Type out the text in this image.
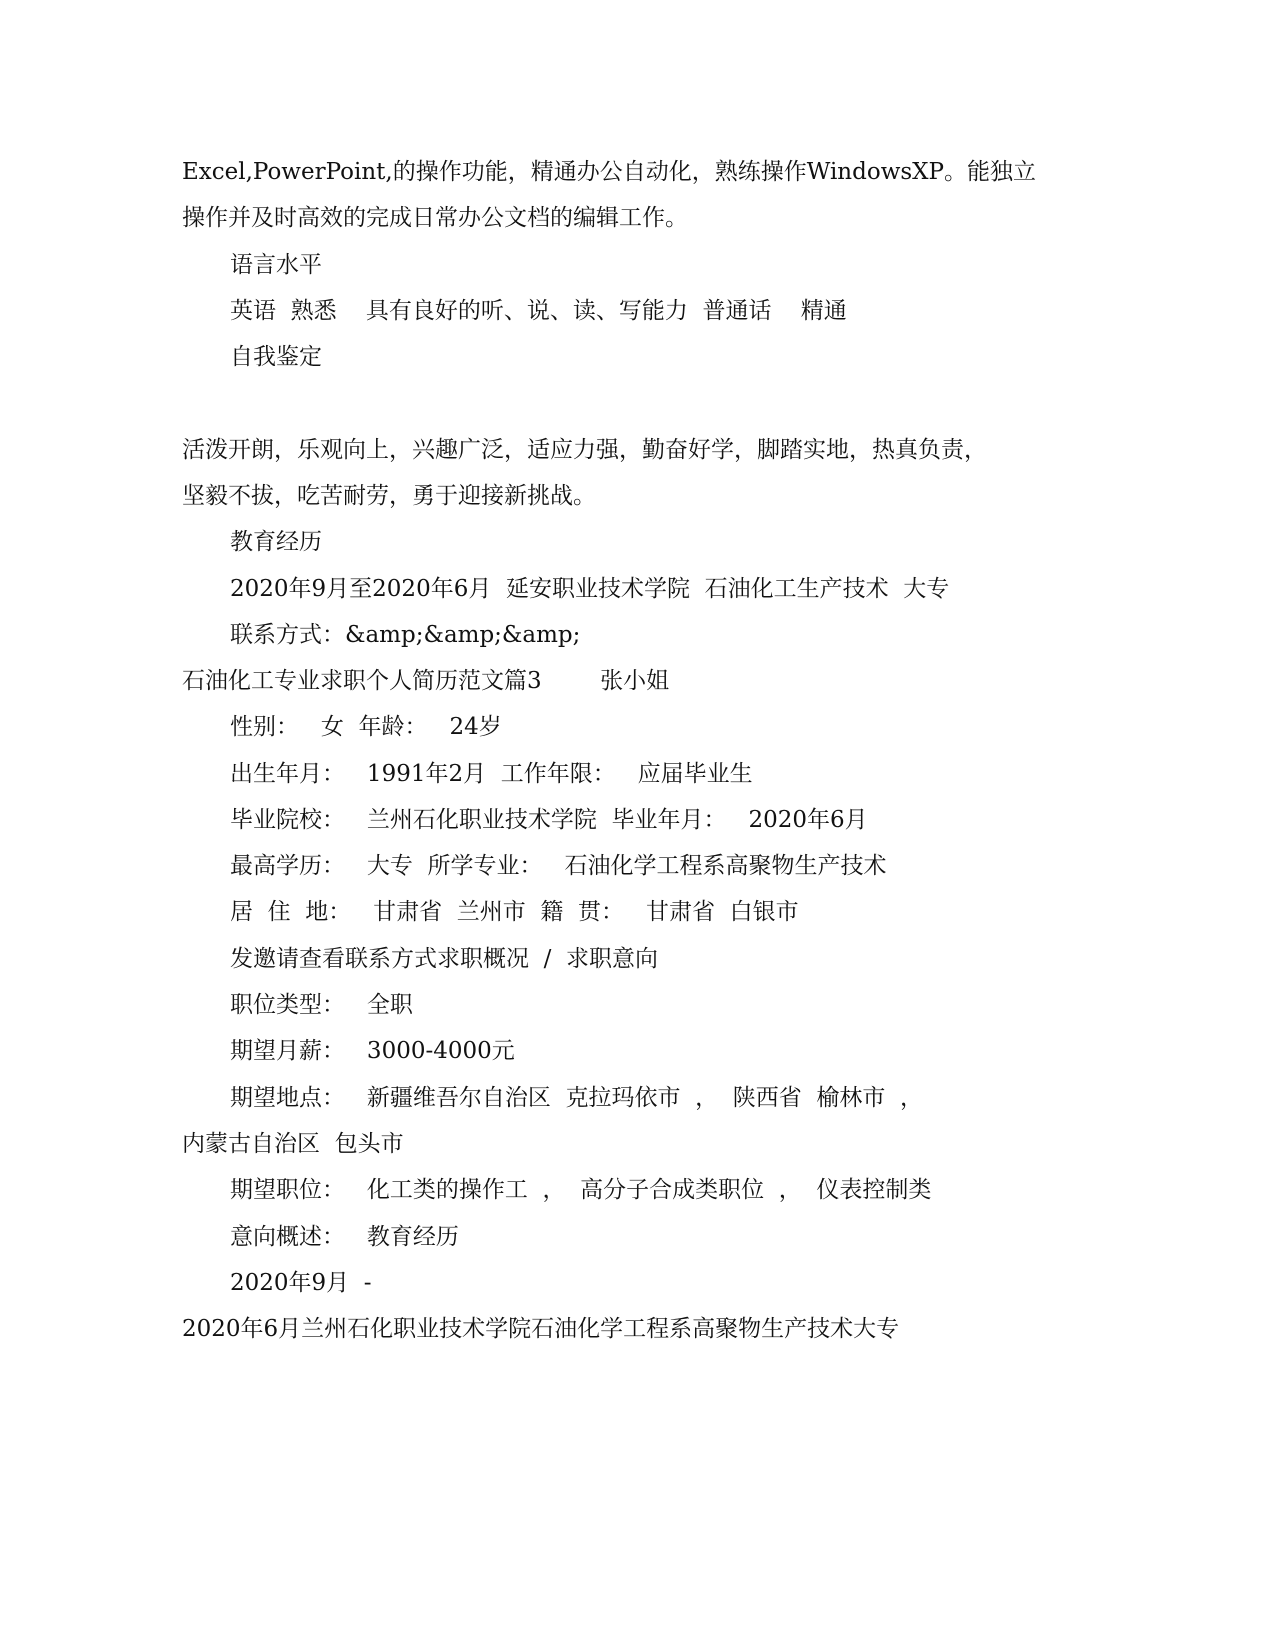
Excel,PowerPoint,的操作功能，精通办公自动化，熟练操作WindowsXP。能独立
操作并及时高效的完成日常办公文档的编辑工作。
语言水平
英语  熟悉    具有良好的听、说、读、写能力  普通话    精通
自我鉴定
活泼开朗，乐观向上，兴趣广泛，适应力强，勤奋好学，脚踏实地，热真负责，
坚毅不拔，吃苦耐劳，勇于迎接新挑战。
教育经历
2020年9月至2020年6月  延安职业技术学院  石油化工生产技术  大专
联系方式：&amp;&amp;&amp;
石油化工专业求职个人简历范文篇3        张小姐
性别：   女  年龄：   24岁
出生年月：   1991年2月  工作年限：   应届毕业生
毕业院校：   兰州石化职业技术学院  毕业年月：   2020年6月
最高学历：   大专  所学专业：   石油化学工程系高聚物生产技术
居  住  地：   甘肃省  兰州市  籍  贯：   甘肃省  白银市
发邀请查看联系方式求职概况  /  求职意向
职位类型：   全职
期望月薪：   3000-4000元
期望地点：   新疆维吾尔自治区  克拉玛依市  ，  陕西省  榆林市  ，
内蒙古自治区  包头市
期望职位：   化工类的操作工  ，  高分子合成类职位  ，  仪表控制类
意向概述：   教育经历
2020年9月  -
2020年6月兰州石化职业技术学院石油化学工程系高聚物生产技术大专
